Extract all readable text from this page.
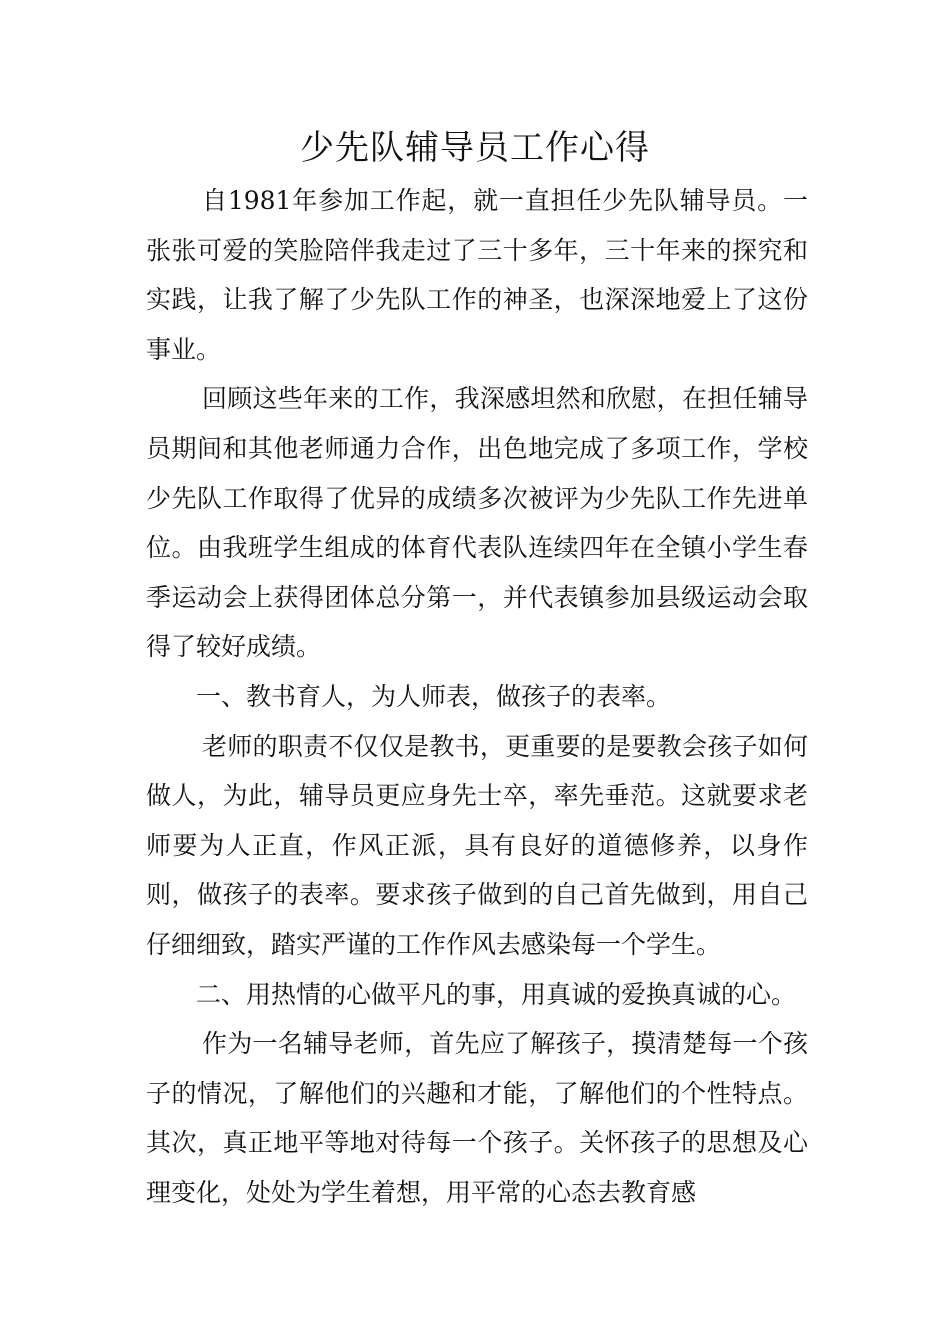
少先队辅导员工作心得

自1981年参加工作起，就一直担任少先队辅导员。一张张可爱的笑脸陪伴我走过了三十多年，三十年来的探究和实践，让我了解了少先队工作的神圣，也深深地爱上了这份事业。

回顾这些年来的工作，我深感坦然和欣慰，在担任辅导员期间和其他老师通力合作，出色地完成了多项工作，学校少先队工作取得了优异的成绩多次被评为少先队工作先进单位。由我班学生组成的体育代表队连续四年在全镇小学生春季运动会上获得团体总分第一，并代表镇参加县级运动会取得了较好成绩。

一、教书育人，为人师表，做孩子的表率。

老师的职责不仅仅是教书，更重要的是要教会孩子如何做人，为此，辅导员更应身先士卒，率先垂范。这就要求老师要为人正直，作风正派，具有良好的道德修养，以身作则，做孩子的表率。要求孩子做到的自己首先做到，用自己仔细细致，踏实严谨的工作作风去感染每一个学生。

二、用热情的心做平凡的事，用真诚的爱换真诚的心。

作为一名辅导老师，首先应了解孩子，摸清楚每一个孩子的情况，了解他们的兴趣和才能，了解他们的个性特点。其次，真正地平等地对待每一个孩子。关怀孩子的思想及心理变化，处处为学生着想，用平常的心态去教育感
